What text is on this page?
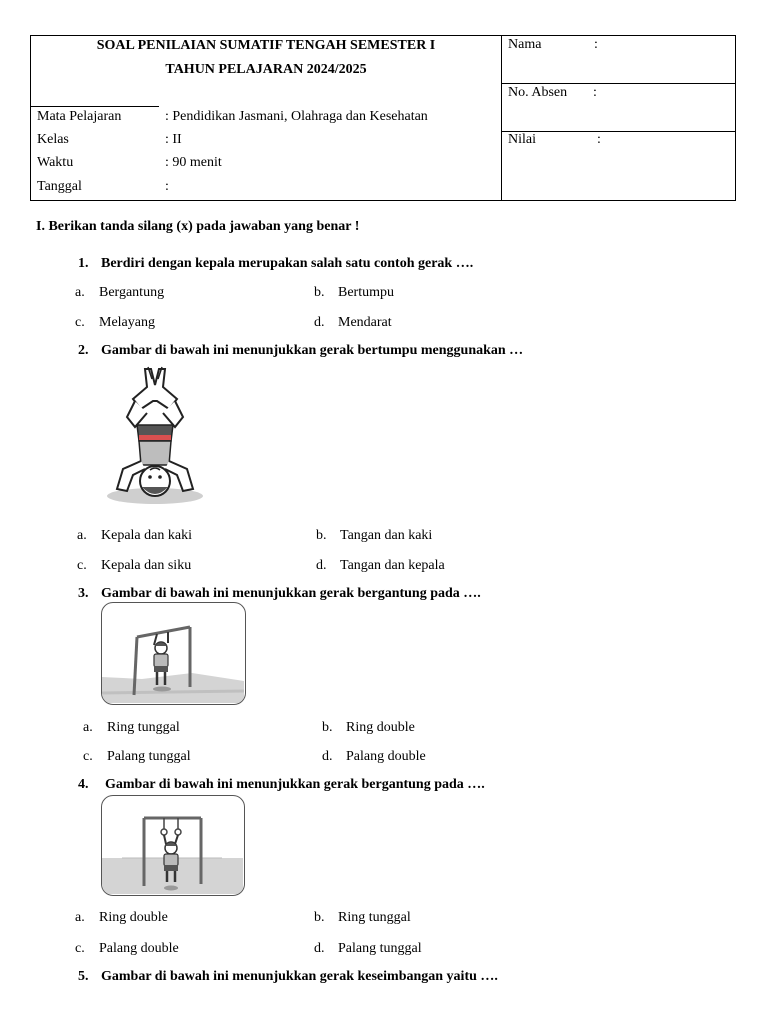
SOAL PENILAIAN SUMATIF TENGAH SEMESTER I
TAHUN PELAJARAN 2024/2025
Mata Pelajaran	: Pendidikan Jasmani, Olahraga dan Kesehatan
Kelas	: II
Waktu	: 90 menit
Tanggal	:
Nama	:
No. Absen :
Nilai	:
I. Berikan tanda silang (x) pada jawaban yang benar !
1. Berdiri dengan kepala merupakan salah satu contoh gerak ….
a. Bergantung	b. Bertumpu
c. Melayang	d. Mendarat
2. Gambar di bawah ini menunjukkan gerak bertumpu menggunakan …
a. Kepala dan kaki	b. Tangan dan kaki
c. Kepala dan siku	d. Tangan dan kepala
3. Gambar di bawah ini menunjukkan gerak bergantung pada ….
a. Ring tunggal	b. Ring double
c. Palang tunggal	d. Palang double
4. Gambar di bawah ini menunjukkan gerak bergantung pada ….
a. Ring double	b. Ring tunggal
c. Palang double	d. Palang tunggal
5. Gambar di bawah ini menunjukkan gerak keseimbangan yaitu ….
